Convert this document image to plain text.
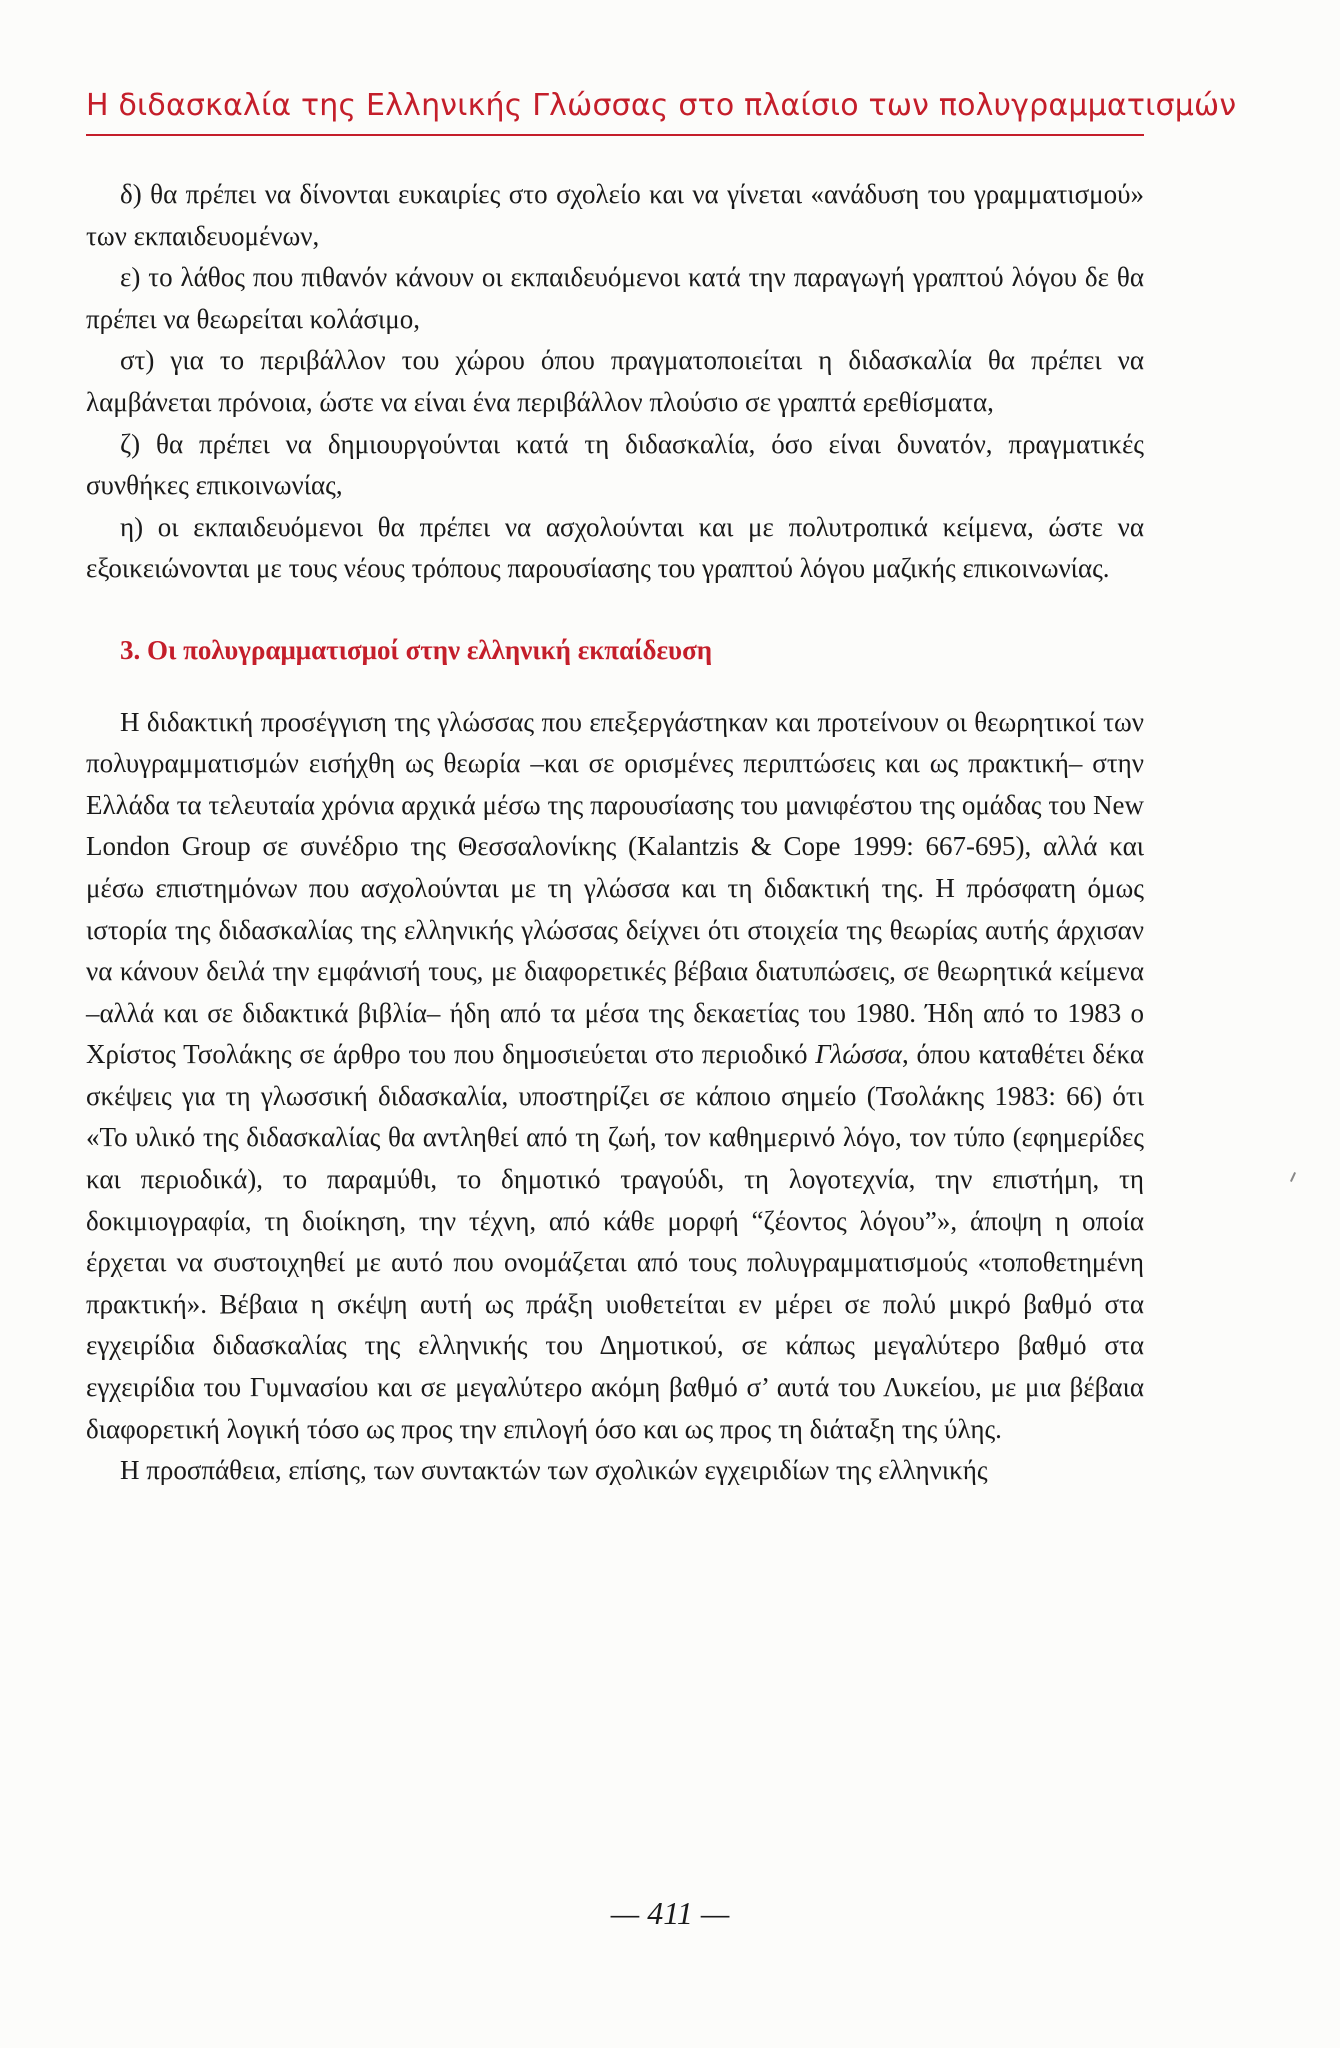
Η διδασκαλία της Ελληνικής Γλώσσας στο πλαίσιο των πολυγραμματισμών

δ) θα πρέπει να δίνονται ευκαιρίες στο σχολείο και να γίνεται «ανάδυση του γραμματισμού» των εκπαιδευομένων,

ε) το λάθος που πιθανόν κάνουν οι εκπαιδευόμενοι κατά την παραγωγή γραπτού λόγου δε θα πρέπει να θεωρείται κολάσιμο,

στ) για το περιβάλλον του χώρου όπου πραγματοποιείται η διδασκαλία θα πρέπει να λαμβάνεται πρόνοια, ώστε να είναι ένα περιβάλλον πλούσιο σε γραπτά ερεθίσματα,

ζ) θα πρέπει να δημιουργούνται κατά τη διδασκαλία, όσο είναι δυνατόν, πραγματικές συνθήκες επικοινωνίας,

η) οι εκπαιδευόμενοι θα πρέπει να ασχολούνται και με πολυτροπικά κείμενα, ώστε να εξοικειώνονται με τους νέους τρόπους παρουσίασης του γραπτού λόγου μαζικής επικοινωνίας.

3. Οι πολυγραμματισμοί στην ελληνική εκπαίδευση

Η διδακτική προσέγγιση της γλώσσας που επεξεργάστηκαν και προτείνουν οι θεωρητικοί των πολυγραμματισμών εισήχθη ως θεωρία –και σε ορισμένες περιπτώσεις και ως πρακτική– στην Ελλάδα τα τελευταία χρόνια αρχικά μέσω της παρουσίασης του μανιφέστου της ομάδας του New London Group σε συνέδριο της Θεσσαλονίκης (Kalantzis & Cope 1999: 667-695), αλλά και μέσω επιστημόνων που ασχολούνται με τη γλώσσα και τη διδακτική της. Η πρόσφατη όμως ιστορία της διδασκαλίας της ελληνικής γλώσσας δείχνει ότι στοιχεία της θεωρίας αυτής άρχισαν να κάνουν δειλά την εμφάνισή τους, με διαφορετικές βέβαια διατυπώσεις, σε θεωρητικά κείμενα –αλλά και σε διδακτικά βιβλία– ήδη από τα μέσα της δεκαετίας του 1980. Ήδη από το 1983 ο Χρίστος Τσολάκης σε άρθρο του που δημοσιεύεται στο περιοδικό Γλώσσα, όπου καταθέτει δέκα σκέψεις για τη γλωσσική διδασκαλία, υποστηρίζει σε κάποιο σημείο (Τσολάκης 1983: 66) ότι «Το υλικό της διδασκαλίας θα αντληθεί από τη ζωή, τον καθημερινό λόγο, τον τύπο (εφημερίδες και περιοδικά), το παραμύθι, το δημοτικό τραγούδι, τη λογοτεχνία, την επιστήμη, τη δοκιμιογραφία, τη διοίκηση, την τέχνη, από κάθε μορφή “ζέοντος λόγου”», άποψη η οποία έρχεται να συστοιχηθεί με αυτό που ονομάζεται από τους πολυγραμματισμούς «τοποθετημένη πρακτική». Βέβαια η σκέψη αυτή ως πράξη υιοθετείται εν μέρει σε πολύ μικρό βαθμό στα εγχειρίδια διδασκαλίας της ελληνικής του Δημοτικού, σε κάπως μεγαλύτερο βαθμό στα εγχειρίδια του Γυμνασίου και σε μεγαλύτερο ακόμη βαθμό σ’ αυτά του Λυκείου, με μια βέβαια διαφορετική λογική τόσο ως προς την επιλογή όσο και ως προς τη διάταξη της ύλης.

Η προσπάθεια, επίσης, των συντακτών των σχολικών εγχειριδίων της ελληνικής

— 411 —
